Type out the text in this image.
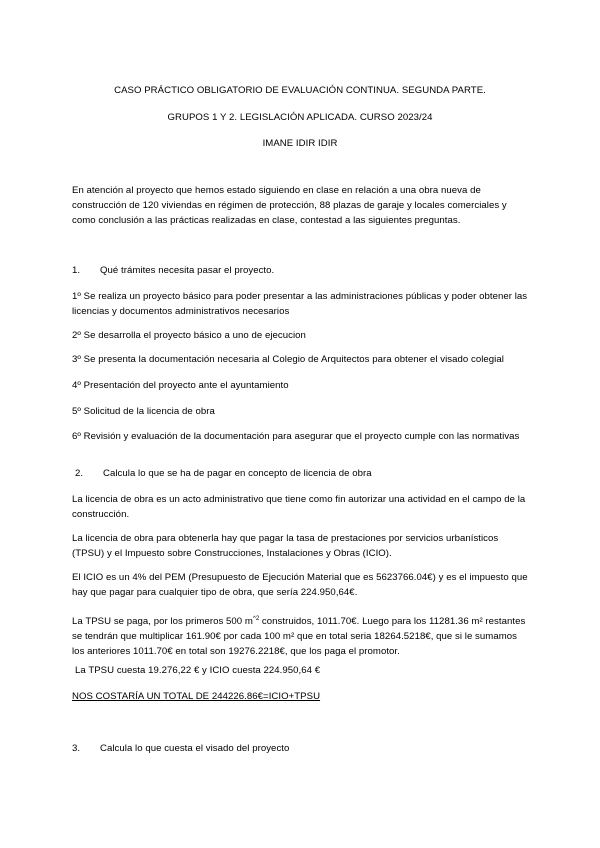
CASO PRÁCTICO OBLIGATORIO DE EVALUACIÓN CONTINUA. SEGUNDA PARTE.
GRUPOS 1 Y 2. LEGISLACIÓN APLICADA. CURSO 2023/24
IMANE IDIR IDIR
En atención al proyecto que hemos estado siguiendo en clase en relación a una obra nueva de construcción de 120 viviendas en régimen de protección, 88 plazas de garaje y locales comerciales y como conclusión a las prácticas realizadas en clase, contestad a las siguientes preguntas.
1. Qué trámites necesita pasar el proyecto.
1º Se realiza un proyecto básico para poder presentar a las administraciones públicas y poder obtener las licencias y documentos administrativos necesarios
2º Se desarrolla el proyecto básico a uno de ejecucion
3º Se presenta la documentación necesaria al Colegio de Arquitectos para obtener el visado colegial
4º Presentación del proyecto ante el ayuntamiento
5º Solicitud de la licencia de obra
6º Revisión y evaluación de la documentación para asegurar que el proyecto cumple con las normativas
2. Calcula lo que se ha de pagar en concepto de licencia de obra
La licencia de obra es un acto administrativo que tiene como fin autorizar una actividad en el campo de la construcción.
La licencia de obra para obtenerla hay que pagar la tasa de prestaciones por servicios urbanísticos (TPSU) y el Impuesto sobre Construcciones, Instalaciones y Obras (ICIO).
El ICIO es un 4% del PEM (Presupuesto de Ejecución Material que es 5623766.04€) y es el impuesto que hay que pagar para cualquier tipo de obra, que sería 224.950,64€.
La TPSU se paga, por los primeros 500 $m^{\^{}2}$ construidos, 1011.70€. Luego para los 11281.36 m² restantes se tendrán que multiplicar 161.90€ por cada 100 m² que en total seria 18264.5218€, que si le sumamos los anteriores 1011.70€ en total son 19276.2218€, que los paga el promotor.
La TPSU cuesta 19.276,22 € y ICIO cuesta 224.950,64 €
NOS COSTARÍA UN TOTAL DE 244226.86€=ICIO+TPSU
3. Calcula lo que cuesta el visado del proyecto
